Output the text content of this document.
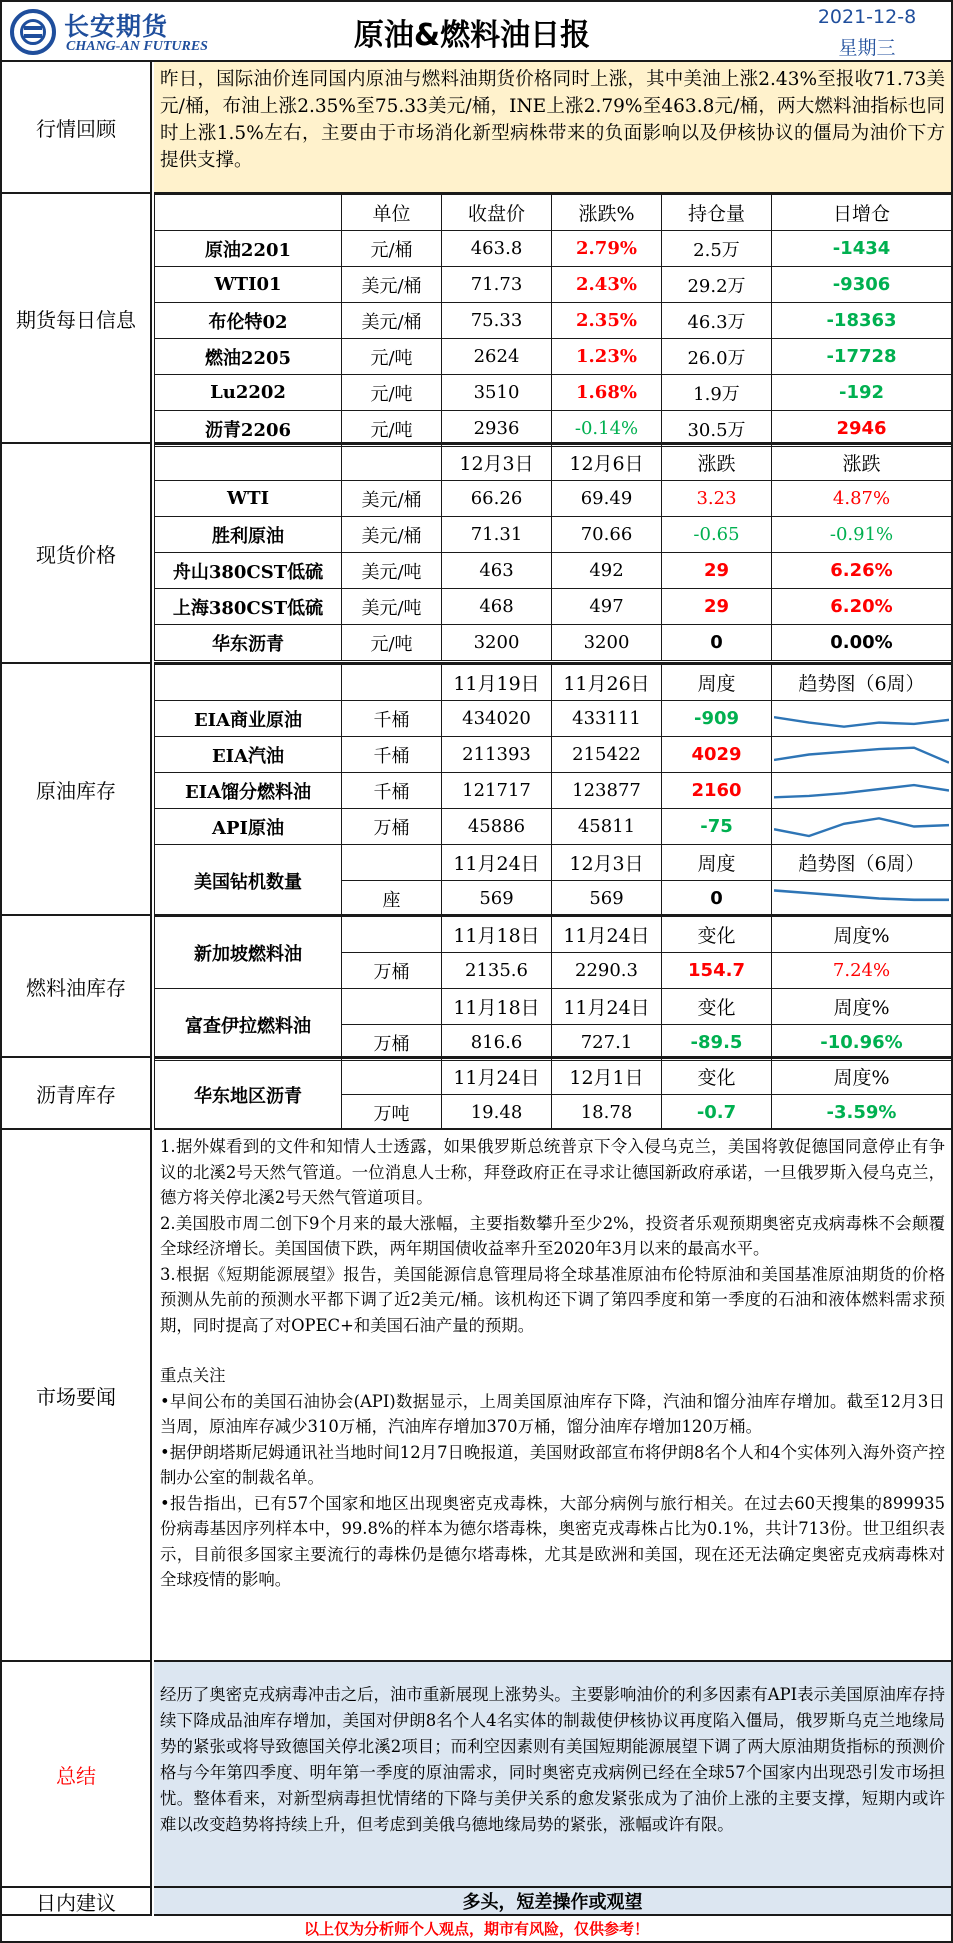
长安期货
CHANG-AN FUTURES	原油&燃料油日报
2021-12-8
星期三
行情回顾
昨日，国际油价连同国内原油与燃料油期货价格同时上涨，其中美油上涨2.43%至报收71.73美元/桶，布油上涨2.35%至75.33美元/桶，INE上涨2.79%至463.8元/桶，两大燃料油指标也同时上涨1.5%左右，主要由于市场消化新型病株带来的负面影响以及伊核协议的僵局为油价下方提供支撑。
期货每日信息
	单位	收盘价	涨跌%	持仓量	日增仓
原油2201	元/桶	463.8	2.79%	2.5万	-1434
WTI01	美元/桶	71.73	2.43%	29.2万	-9306
布伦特02	美元/桶	75.33	2.35%	46.3万	-18363
燃油2205	元/吨	2624	1.23%	26.0万	-17728
Lu2202	元/吨	3510	1.68%	1.9万	-192
沥青2206	元/吨	2936	-0.14%	30.5万	2946
现货价格
		12月3日	12月6日	涨跌	涨跌
WTI	美元/桶	66.26	69.49	3.23	4.87%
胜利原油	美元/桶	71.31	70.66	-0.65	-0.91%
舟山380CST低硫	美元/吨	463	492	29	6.26%
上海380CST低硫	美元/吨	468	497	29	6.20%
华东沥青	元/吨	3200	3200	0	0.00%
原油库存
		11月19日	11月26日	周度	趋势图（6周）
EIA商业原油	千桶	434020	433111	-909	

EIA汽油	千桶	211393	215422	4029	

EIA馏分燃料油	千桶	121717	123877	2160	

API原油	万桶	45886	45811	-75	

美国钻机数量		11月24日	12月3日	周度	趋势图（6周）
	座	569	569	0	
燃料油库存
新加坡燃料油		11月18日	11月24日	变化	周度%
	万桶	2135.6	2290.3	154.7	7.24%
富查伊拉燃料油		11月18日	11月24日	变化	周度%
	万桶	816.6	727.1	-89.5	-10.96%
沥青库存	华东地区沥青		11月24日	12月1日	变化	周度%
	万吨	19.48	18.78	-0.7	-3.59%
市场要闻

1.据外媒看到的文件和知情人士透露，如果俄罗斯总统普京下令入侵乌克兰，美国将敦促德国同意停止有争议的北溪2号天然气管道。一位消息人士称，拜登政府正在寻求让德国新政府承诺，一旦俄罗斯入侵乌克兰，德方将关停北溪2号天然气管道项目。

2.美国股市周二创下9个月来的最大涨幅，主要指数攀升至少2%，投资者乐观预期奥密克戎病毒株不会颠覆全球经济增长。美国国债下跌，两年期国债收益率升至2020年3月以来的最高水平。

3.根据《短期能源展望》报告，美国能源信息管理局将全球基准原油布伦特原油和美国基准原油期货的价格预测从先前的预测水平都下调了近2美元/桶。该机构还下调了第四季度和第一季度的石油和液体燃料需求预期，同时提高了对OPEC+和美国石油产量的预期。

重点关注

•早间公布的美国石油协会(API)数据显示，上周美国原油库存下降，汽油和馏分油库存增加。截至12月3日当周，原油库存减少310万桶，汽油库存增加370万桶，馏分油库存增加120万桶。

•据伊朗塔斯尼姆通讯社当地时间12月7日晚报道，美国财政部宣布将伊朗8名个人和4个实体列入海外资产控制办公室的制裁名单。

•报告指出，已有57个国家和地区出现奥密克戎毒株，大部分病例与旅行相关。在过去60天搜集的899935份病毒基因序列样本中，99.8%的样本为德尔塔毒株，奥密克戎毒株占比为0.1%，共计713份。世卫组织表示，目前很多国家主要流行的毒株仍是德尔塔毒株，尤其是欧洲和美国，现在还无法确定奥密克戎病毒株对全球疫情的影响。

总结
经历了奥密克戎病毒冲击之后，油市重新展现上涨势头。主要影响油价的利多因素有API表示美国原油库存持续下降成品油库存增加，美国对伊朗8名个人4名实体的制裁使伊核协议再度陷入僵局，俄罗斯乌克兰地缘局势的紧张或将导致德国关停北溪2项目；而利空因素则有美国短期能源展望下调了两大原油期货指标的预测价格与今年第四季度、明年第一季度的原油需求，同时奥密克戎病例已经在全球57个国家内出现恐引发市场担忧。整体看来，对新型病毒担忧情绪的下降与美伊关系的愈发紧张成为了油价上涨的主要支撑，短期内或许难以改变趋势将持续上升，但考虑到美俄乌德地缘局势的紧张，涨幅或许有限。
日内建议	多头，短差操作或观望
以上仅为分析师个人观点，期市有风险，仅供参考！
